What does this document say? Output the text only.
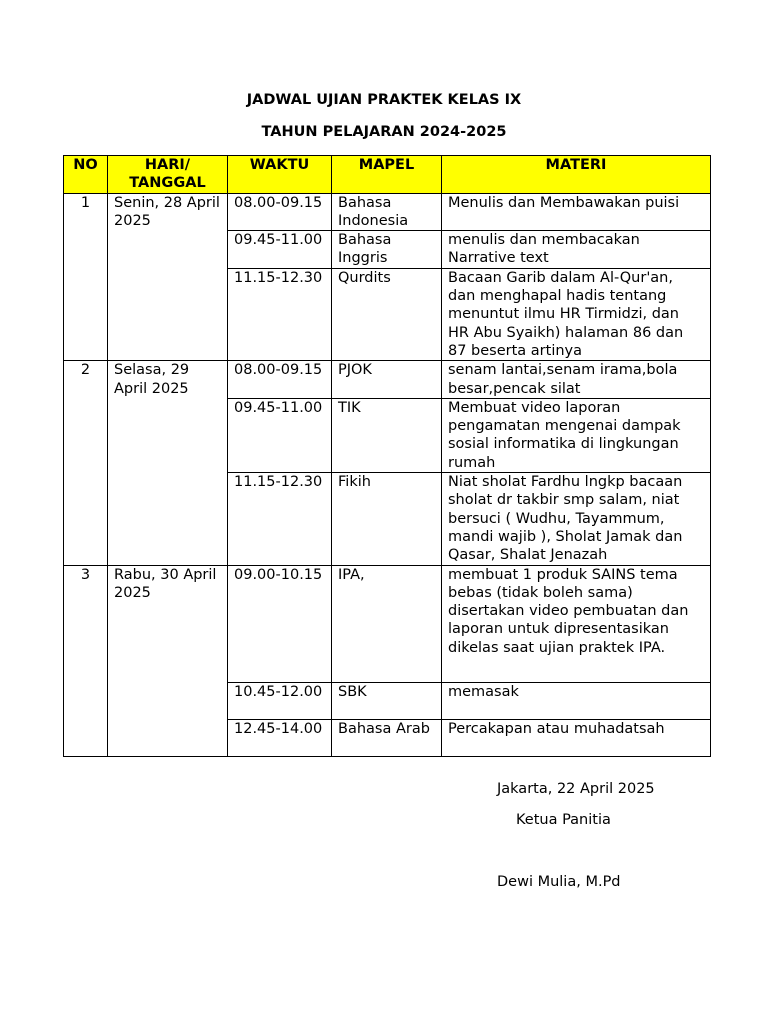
JADWAL UJIAN PRAKTEK KELAS IX
TAHUN PELAJARAN 2024-2025
NO	HARI/ TANGGAL	WAKTU	MAPEL	MATERI
1	Senin, 28 April 2025	08.00-09.15	Bahasa Indonesia	Menulis dan Membawakan puisi
		09.45-11.00	Bahasa Inggris	menulis dan membacakan Narrative text
		11.15-12.30	Qurdits	Bacaan Garib dalam Al-Qur'an, dan menghapal hadis tentang menuntut ilmu HR Tirmidzi, dan HR Abu Syaikh) halaman 86 dan 87 beserta artinya
2	Selasa, 29 April 2025	08.00-09.15	PJOK	senam lantai,senam irama,bola besar,pencak silat
		09.45-11.00	TIK	Membuat video laporan pengamatan mengenai dampak sosial informatika di lingkungan rumah
		11.15-12.30	Fikih	Niat sholat Fardhu lngkp bacaan sholat dr takbir smp salam, niat bersuci ( Wudhu, Tayammum, mandi wajib ), Sholat Jamak dan Qasar, Shalat Jenazah
3	Rabu, 30 April 2025	09.00-10.15	IPA,	membuat 1 produk SAINS tema bebas (tidak boleh sama) disertakan video pembuatan dan laporan untuk dipresentasikan dikelas saat ujian praktek IPA.
		10.45-12.00	SBK	memasak
		12.45-14.00	Bahasa Arab	Percakapan atau muhadatsah
Jakarta, 22 April 2025
Ketua Panitia
Dewi Mulia, M.Pd
